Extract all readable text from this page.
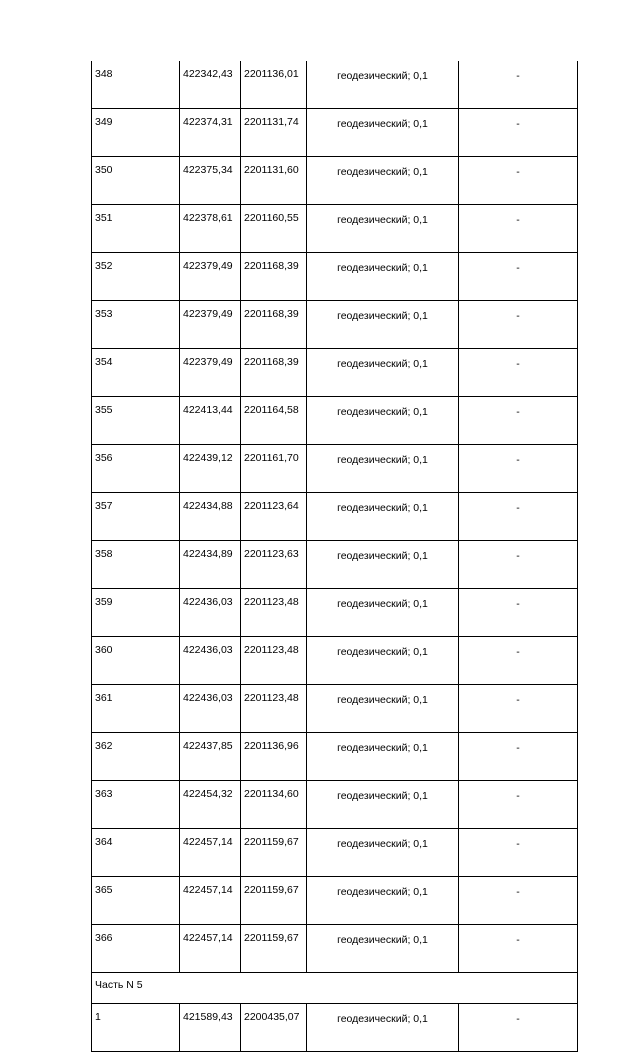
348	422342,43	2201136,01	геодезический; 0,1	-
349	422374,31	2201131,74	геодезический; 0,1	-
350	422375,34	2201131,60	геодезический; 0,1	-
351	422378,61	2201160,55	геодезический; 0,1	-
352	422379,49	2201168,39	геодезический; 0,1	-
353	422379,49	2201168,39	геодезический; 0,1	-
354	422379,49	2201168,39	геодезический; 0,1	-
355	422413,44	2201164,58	геодезический; 0,1	-
356	422439,12	2201161,70	геодезический; 0,1	-
357	422434,88	2201123,64	геодезический; 0,1	-
358	422434,89	2201123,63	геодезический; 0,1	-
359	422436,03	2201123,48	геодезический; 0,1	-
360	422436,03	2201123,48	геодезический; 0,1	-
361	422436,03	2201123,48	геодезический; 0,1	-
362	422437,85	2201136,96	геодезический; 0,1	-
363	422454,32	2201134,60	геодезический; 0,1	-
364	422457,14	2201159,67	геодезический; 0,1	-
365	422457,14	2201159,67	геодезический; 0,1	-
366	422457,14	2201159,67	геодезический; 0,1	-
Часть N 5				
1	421589,43	2200435,07	геодезический; 0,1	-
